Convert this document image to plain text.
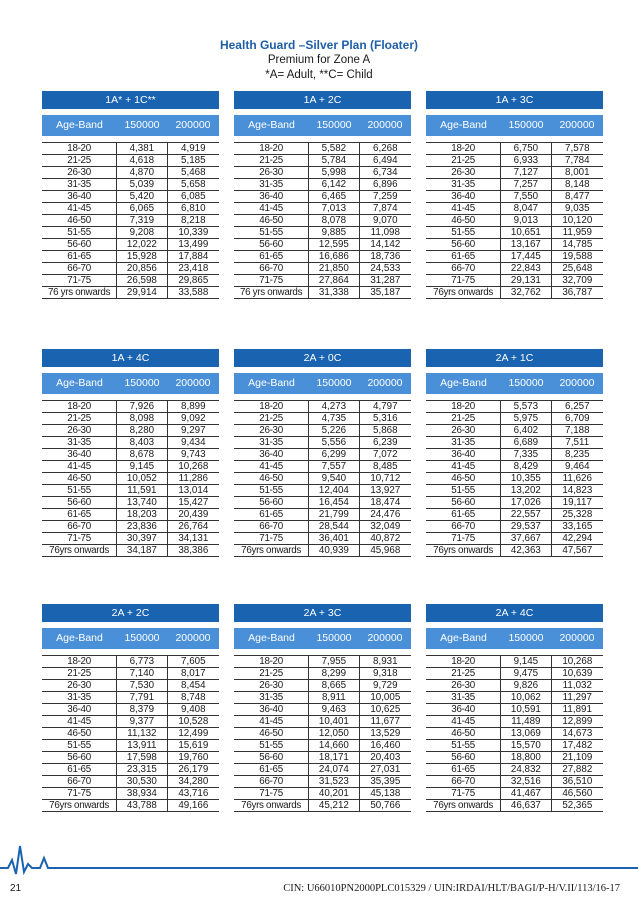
Health Guard –Silver Plan (Floater)
Premium for Zone A
*A= Adult, **C= Child
1A* + 1C**
Age-Band	150000	200000
18-20	4,381	4,919
21-25	4,618	5,185
26-30	4,870	5,468
31-35	5,039	5,658
36-40	5,420	6,085
41-45	6,065	6,810
46-50	7,319	8,218
51-55	9,208	10,339
56-60	12,022	13,499
61-65	15,928	17,884
66-70	20,856	23,418
71-75	26,598	29,865
76 yrs onwards	29,914	33,588
1A + 2C
Age-Band	150000	200000
18-20	5,582	6,268
21-25	5,784	6,494
26-30	5,998	6,734
31-35	6,142	6,896
36-40	6,465	7,259
41-45	7,013	7,874
46-50	8,078	9,070
51-55	9,885	11,098
56-60	12,595	14,142
61-65	16,686	18,736
66-70	21,850	24,533
71-75	27,864	31,287
76 yrs onwards	31,338	35,187
1A + 3C
Age-Band	150000	200000
18-20	6,750	7,578
21-25	6,933	7,784
26-30	7,127	8,001
31-35	7,257	8,148
36-40	7,550	8,477
41-45	8,047	9,035
46-50	9,013	10,120
51-55	10,651	11,959
56-60	13,167	14,785
61-65	17,445	19,588
66-70	22,843	25,648
71-75	29,131	32,709
76yrs onwards	32,762	36,787
1A + 4C
Age-Band	150000	200000
18-20	7,926	8,899
21-25	8,098	9,092
26-30	8,280	9,297
31-35	8,403	9,434
36-40	8,678	9,743
41-45	9,145	10,268
46-50	10,052	11,286
51-55	11,591	13,014
56-60	13,740	15,427
61-65	18,203	20,439
66-70	23,836	26,764
71-75	30,397	34,131
76yrs onwards	34,187	38,386
2A + 0C
Age-Band	150000	200000
18-20	4,273	4,797
21-25	4,735	5,316
26-30	5,226	5,868
31-35	5,556	6,239
36-40	6,299	7,072
41-45	7,557	8,485
46-50	9,540	10,712
51-55	12,404	13,927
56-60	16,454	18,474
61-65	21,799	24,476
66-70	28,544	32,049
71-75	36,401	40,872
76yrs onwards	40,939	45,968
2A + 1C
Age-Band	150000	200000
18-20	5,573	6,257
21-25	5,975	6,709
26-30	6,402	7,188
31-35	6,689	7,511
36-40	7,335	8,235
41-45	8,429	9,464
46-50	10,355	11,626
51-55	13,202	14,823
56-60	17,026	19,117
61-65	22,557	25,328
66-70	29,537	33,165
71-75	37,667	42,294
76yrs onwards	42,363	47,567
2A + 2C
Age-Band	150000	200000
18-20	6,773	7,605
21-25	7,140	8,017
26-30	7,530	8,454
31-35	7,791	8,748
36-40	8,379	9,408
41-45	9,377	10,528
46-50	11,132	12,499
51-55	13,911	15,619
56-60	17,598	19,760
61-65	23,315	26,179
66-70	30,530	34,280
71-75	38,934	43,716
76yrs onwards	43,788	49,166
2A + 3C
Age-Band	150000	200000
18-20	7,955	8,931
21-25	8,299	9,318
26-30	8,665	9,729
31-35	8,911	10,005
36-40	9,463	10,625
41-45	10,401	11,677
46-50	12,050	13,529
51-55	14,660	16,460
56-60	18,171	20,403
61-65	24,074	27,031
66-70	31,523	35,395
71-75	40,201	45,138
76yrs onwards	45,212	50,766
2A + 4C
Age-Band	150000	200000
18-20	9,145	10,268
21-25	9,475	10,639
26-30	9,826	11,032
31-35	10,062	11,297
36-40	10,591	11,891
41-45	11,489	12,899
46-50	13,069	14,673
51-55	15,570	17,482
56-60	18,800	21,109
61-65	24,832	27,882
66-70	32,516	36,510
71-75	41,467	46,560
76yrs onwards	46,637	52,365
21	CIN: U66010PN2000PLC015329 / UIN:IRDAI/HLT/BAGI/P-H/V.II/113/16-17
